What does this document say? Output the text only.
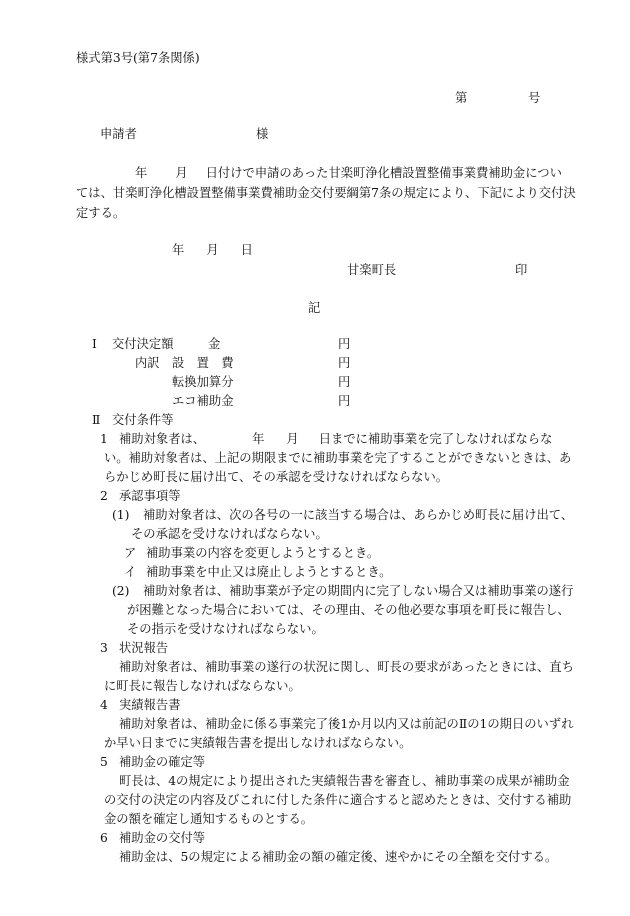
様式第3号(第7条関係)

第	号

申請者	様

年 月 日付けで申請のあった甘楽町浄化槽設置整備事業費補助金につい

ては、甘楽町浄化槽設置整備事業費補助金交付要綱第7条の規定により、下記により交付決

定する。

年 月 日

甘楽町長	印

記

Ⅰ 交付決定額	金	円

内訳 設　置　費	円

転換加算分	円

エコ補助金	円

Ⅱ 交付条件等

1 補助対象者は、	年 月 日までに補助事業を完了しなければならな

い。補助対象者は、上記の期限までに補助事業を完了することができないときは、あ

らかじめ町長に届け出て、その承認を受けなければならない。

2 承認事項等

(1) 補助対象者は、次の各号の一に該当する場合は、あらかじめ町長に届け出て、

その承認を受けなければならない。

ア 補助事業の内容を変更しようとするとき。

イ 補助事業を中止又は廃止しようとするとき。

(2) 補助対象者は、補助事業が予定の期間内に完了しない場合又は補助事業の遂行

が困難となった場合においては、その理由、その他必要な事項を町長に報告し、

その指示を受けなければならない。

3 状況報告

補助対象者は、補助事業の遂行の状況に関し、町長の要求があったときには、直ち

に町長に報告しなければならない。

4 実績報告書

補助対象者は、補助金に係る事業完了後1か月以内又は前記のⅡの1の期日のいずれ

か早い日までに実績報告書を提出しなければならない。

5 補助金の確定等

町長は、4の規定により提出された実績報告書を審査し、補助事業の成果が補助金

の交付の決定の内容及びこれに付した条件に適合すると認めたときは、交付する補助

金の額を確定し通知するものとする。

6 補助金の交付等

補助金は、5の規定による補助金の額の確定後、速やかにその全額を交付する。
